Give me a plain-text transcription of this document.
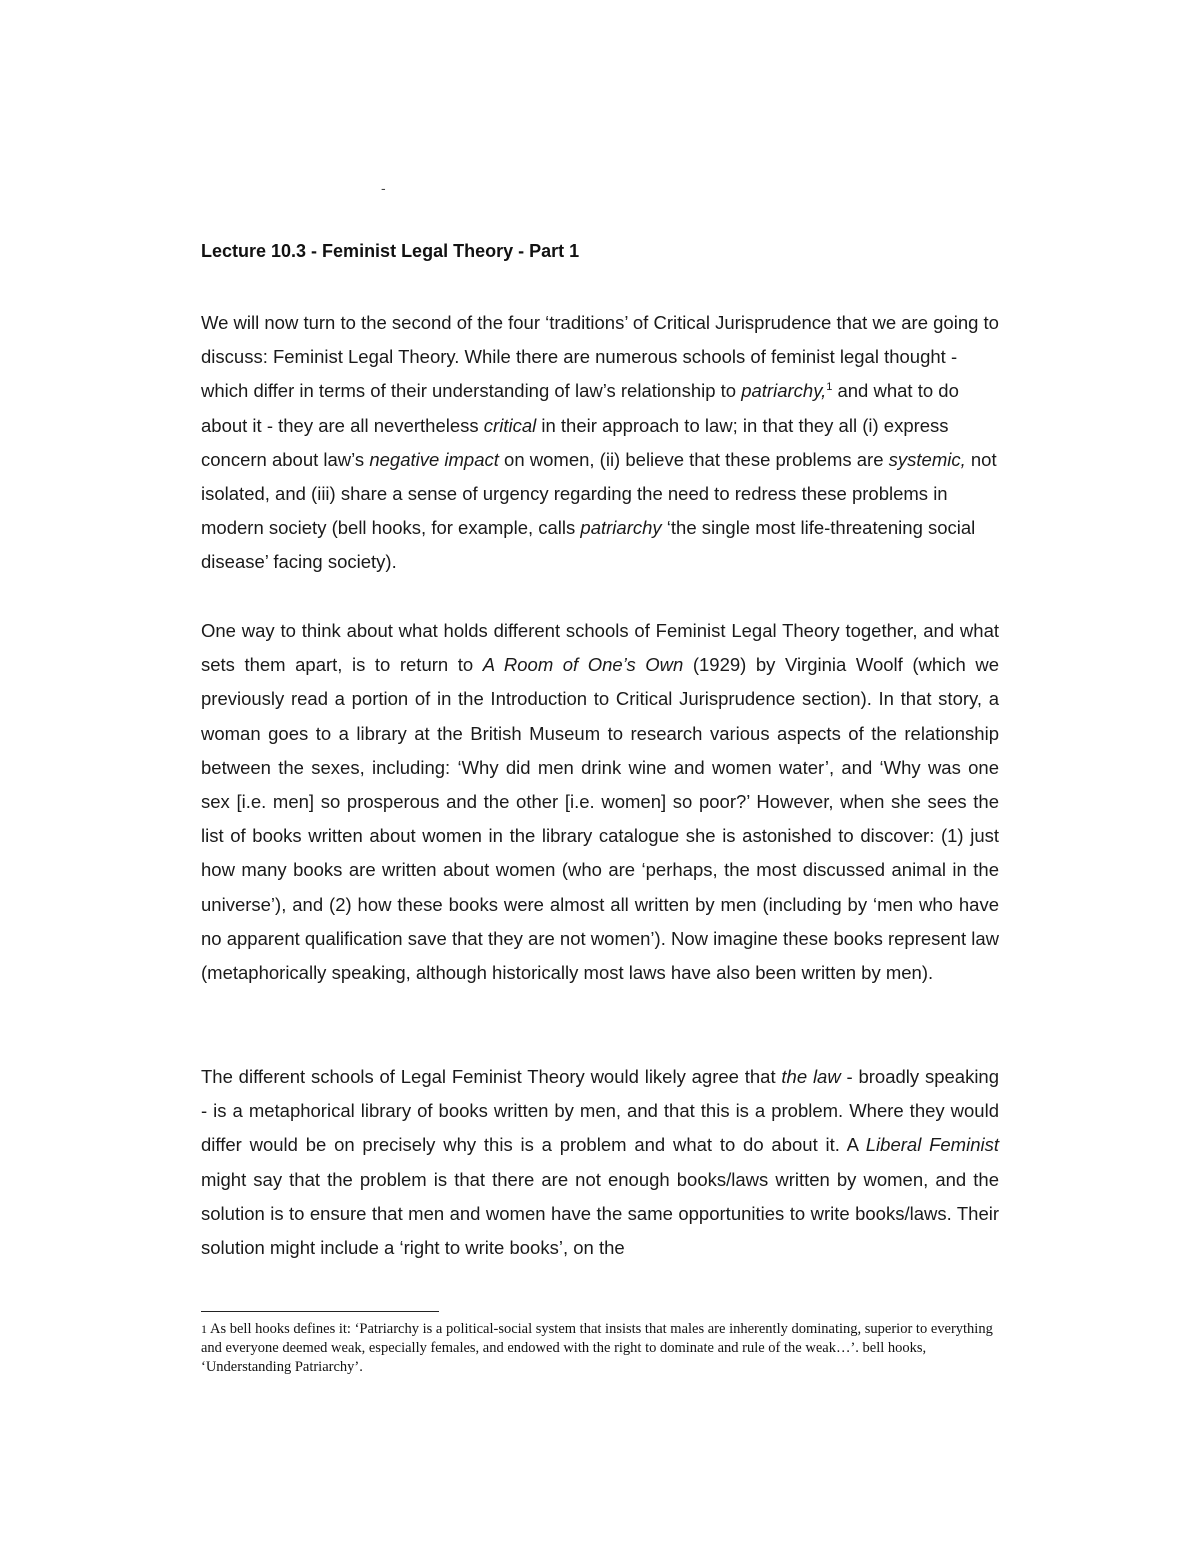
-
Lecture 10.3 - Feminist Legal Theory - Part 1

We will now turn to the second of the four ‘traditions’ of Critical Jurisprudence that we are going to discuss: Feminist Legal Theory. While there are numerous schools of feminist legal thought - which differ in terms of their understanding of law’s relationship to patriarchy,$^1$ and what to do about it - they are all nevertheless critical in their approach to law; in that they all (i) express concern about law’s negative impact on women, (ii) believe that these problems are systemic, not isolated, and (iii) share a sense of urgency regarding the need to redress these problems in modern society (bell hooks, for example, calls patriarchy ‘the single most life-threatening social disease’ facing society).

One way to think about what holds different schools of Feminist Legal Theory together, and what sets them apart, is to return to A Room of One’s Own (1929) by Virginia Woolf (which we previously read a portion of in the Introduction to Critical Jurisprudence section). In that story, a woman goes to a library at the British Museum to research various aspects of the relationship between the sexes, including: ‘Why did men drink wine and women water’, and ‘Why was one sex [i.e. men] so prosperous and the other [i.e. women] so poor?’ However, when she sees the list of books written about women in the library catalogue she is astonished to discover: (1) just how many books are written about women (who are ‘perhaps, the most discussed animal in the universe’), and (2) how these books were almost all written by men (including by ‘men who have no apparent qualification save that they are not women’). Now imagine these books represent law (metaphorically speaking, although historically most laws have also been written by men).

The different schools of Legal Feminist Theory would likely agree that the law - broadly speaking - is a metaphorical library of books written by men, and that this is a problem. Where they would differ would be on precisely why this is a problem and what to do about it. A Liberal Feminist might say that the problem is that there are not enough books/laws written by women, and the solution is to ensure that men and women have the same opportunities to write books/laws. Their solution might include a ‘right to write books’, on the

$^1$ As bell hooks defines it: ‘Patriarchy is a political-social system that insists that males are inherently dominating, superior to everything and everyone deemed weak, especially females, and endowed with the right to dominate and rule of the weak…’. bell hooks, ‘Understanding Patriarchy’.
